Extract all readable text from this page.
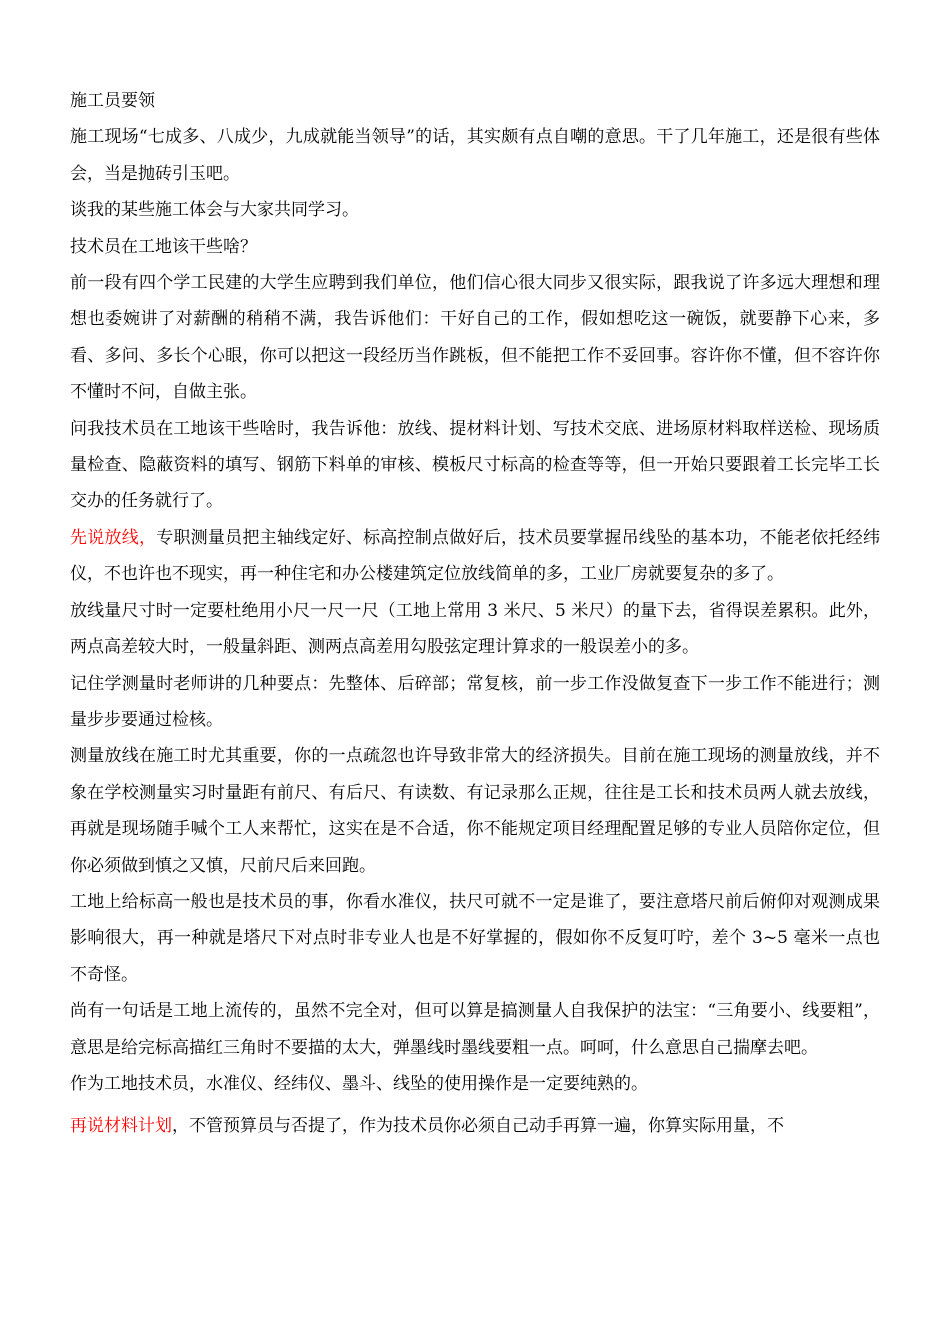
施工员要领

施工现场“七成多、八成少，九成就能当领导”的话，其实颇有点自嘲的意思。干了几年施工，还是很有些体会，当是抛砖引玉吧。

谈我的某些施工体会与大家共同学习。

技术员在工地该干些啥？

前一段有四个学工民建的大学生应聘到我们单位，他们信心很大同步又很实际，跟我说了许多远大理想和理想也委婉讲了对薪酬的稍稍不满，我告诉他们：干好自己的工作，假如想吃这一碗饭，就要静下心来，多看、多问、多长个心眼，你可以把这一段经历当作跳板，但不能把工作不妥回事。容许你不懂，但不容许你不懂时不问，自做主张。

问我技术员在工地该干些啥时，我告诉他：放线、提材料计划、写技术交底、进场原材料取样送检、现场质量检查、隐蔽资料的填写、钢筋下料单的审核、模板尺寸标高的检查等等，但一开始只要跟着工长完毕工长交办的任务就行了。

先说放线，专职测量员把主轴线定好、标高控制点做好后，技术员要掌握吊线坠的基本功，不能老依托经纬仪，不也许也不现实，再一种住宅和办公楼建筑定位放线简单的多，工业厂房就要复杂的多了。

放线量尺寸时一定要杜绝用小尺一尺一尺（工地上常用 3 米尺、5 米尺）的量下去，省得误差累积。此外，两点高差较大时，一般量斜距、测两点高差用勾股弦定理计算求的一般误差小的多。

记住学测量时老师讲的几种要点：先整体、后碎部；常复核，前一步工作没做复查下一步工作不能进行；测量步步要通过检核。

测量放线在施工时尤其重要，你的一点疏忽也许导致非常大的经济损失。目前在施工现场的测量放线，并不象在学校测量实习时量距有前尺、有后尺、有读数、有记录那么正规，往往是工长和技术员两人就去放线，再就是现场随手喊个工人来帮忙，这实在是不合适，你不能规定项目经理配置足够的专业人员陪你定位，但你必须做到慎之又慎，尺前尺后来回跑。

工地上给标高一般也是技术员的事，你看水准仪，扶尺可就不一定是谁了，要注意塔尺前后俯仰对观测成果影响很大，再一种就是塔尺下对点时非专业人也是不好掌握的，假如你不反复叮咛，差个 3~5 毫米一点也不奇怪。

尚有一句话是工地上流传的，虽然不完全对，但可以算是搞测量人自我保护的法宝：“三角要小、线要粗”，意思是给完标高描红三角时不要描的太大，弹墨线时墨线要粗一点。呵呵，什么意思自己揣摩去吧。

作为工地技术员，水准仪、经纬仪、墨斗、线坠的使用操作是一定要纯熟的。

再说材料计划，不管预算员与否提了，作为技术员你必须自己动手再算一遍，你算实际用量，不
